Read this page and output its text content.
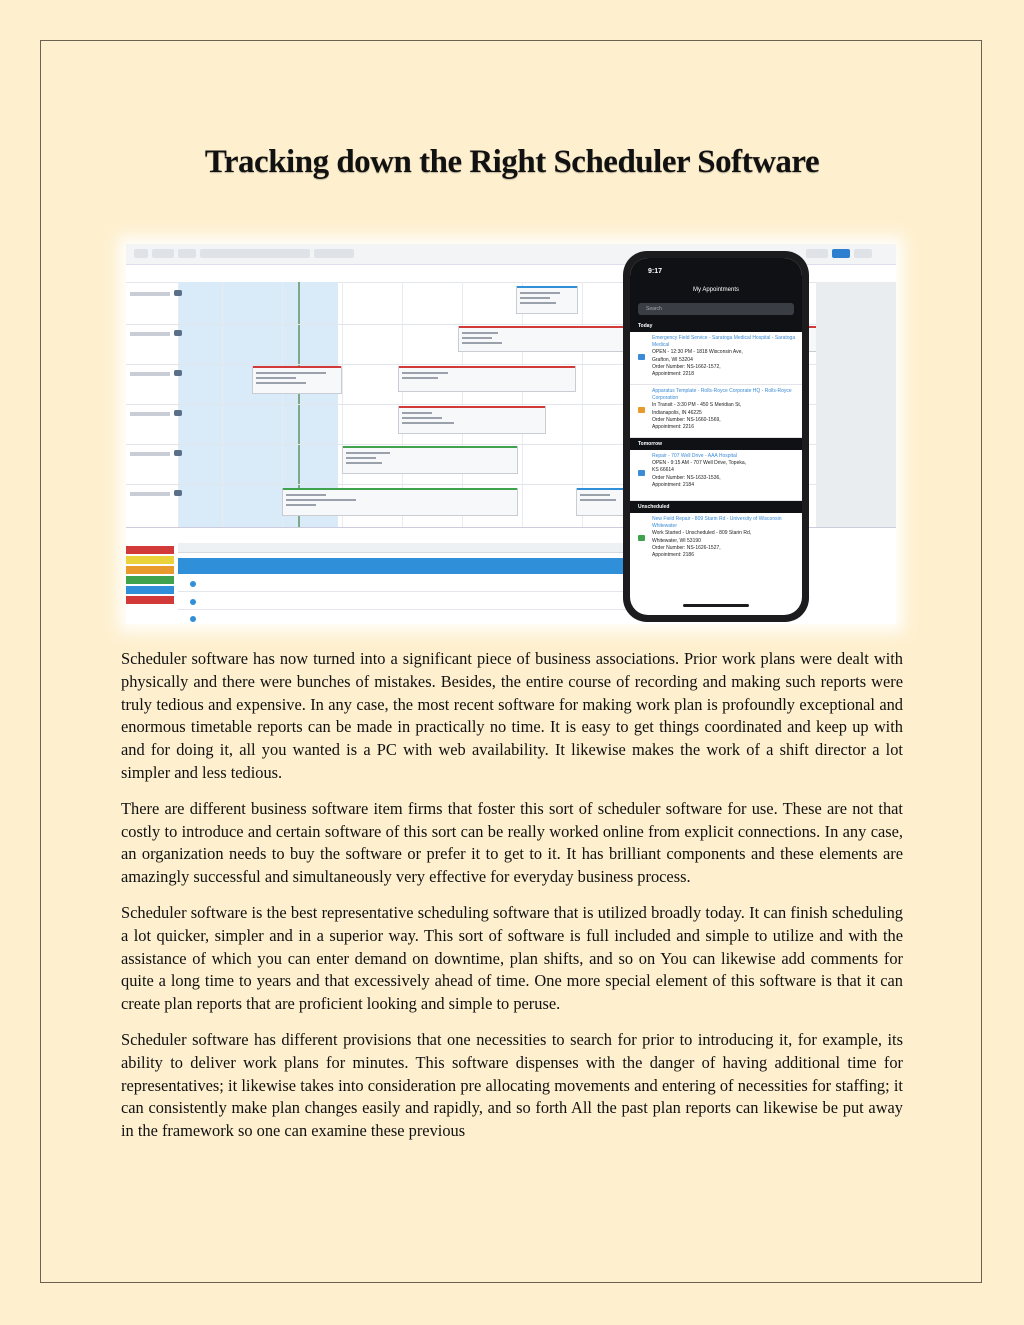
Tracking down the Right Scheduler Software
9:17
My Appointments
Search
Today
Emergency Field Service - Saratoga Medical Hospital - Saratoga Medical
OPEN - 12:30 PM - 1818 Wisconsin Ave,
Grafton, WI 53204
Order Number: NS-1662-1572,
Appointment: 2218
Apparatus Template - Rolls-Royce Corporate HQ - Rolls-Royce Corporation
In Transit - 3:30 PM - 450 S Meridian St,
Indianapolis, IN 46225
Order Number: NS-1660-1569,
Appointment: 2216
Tomorrow
Repair - 707 Well Drive - AAA Hospital
OPEN - 9:15 AM - 707 Well Drive, Topeka,
KS 66614
Order Number: NS-1633-1536,
Appointment: 2184
Unscheduled
New Field Repair - 809 Starin Rd - University of Wisconsin Whitewater
Work Started - Unscheduled - 809 Starin Rd,
Whitewater, WI 53190
Order Number: NS-1626-1527,
Appointment: 2186

Scheduler software has now turned into a significant piece of business associations. Prior work plans were dealt with physically and there were bunches of mistakes. Besides, the entire course of recording and making such reports were truly tedious and expensive. In any case, the most recent software for making work plan is profoundly exceptional and enormous timetable reports can be made in practically no time. It is easy to get things coordinated and keep up with and for doing it, all you wanted is a PC with web availability. It likewise makes the work of a shift director a lot simpler and less tedious.

There are different business software item firms that foster this sort of scheduler software for use. These are not that costly to introduce and certain software of this sort can be really worked online from explicit connections. In any case, an organization needs to buy the software or prefer it to get to it. It has brilliant components and these elements are amazingly successful and simultaneously very effective for everyday business process.

Scheduler software is the best representative scheduling software that is utilized broadly today. It can finish scheduling a lot quicker, simpler and in a superior way. This sort of software is full included and simple to utilize and with the assistance of which you can enter demand on downtime, plan shifts, and so on You can likewise add comments for quite a long time to years and that excessively ahead of time. One more special element of this software is that it can create plan reports that are proficient looking and simple to peruse.

Scheduler software has different provisions that one necessities to search for prior to introducing it, for example, its ability to deliver work plans for minutes. This software dispenses with the danger of having additional time for representatives; it likewise takes into consideration pre allocating movements and entering of necessities for staffing; it can consistently make plan changes easily and rapidly, and so forth All the past plan reports can likewise be put away in the framework so one can examine these previous
